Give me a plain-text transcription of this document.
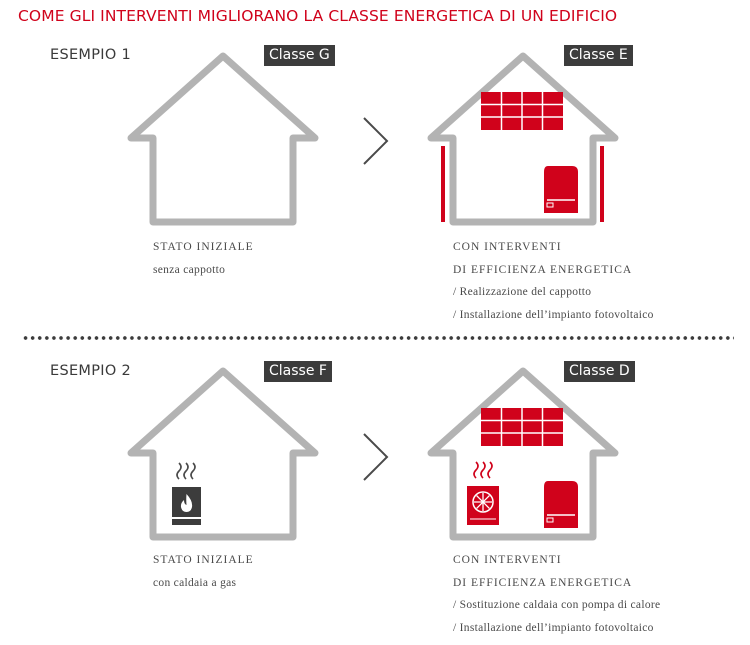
COME GLI INTERVENTI MIGLIORANO LA CLASSE ENERGETICA DI UN EDIFICIO
ESEMPIO 1	Classe G	Classe E
STATO INIZIALE
senza cappotto
CON INTERVENTI
DI EFFICIENZA ENERGETICA
/ Realizzazione del cappotto
/ Installazione dell’impianto fotovoltaico
ESEMPIO 2	Classe F	Classe D
STATO INIZIALE
con caldaia a gas
CON INTERVENTI
DI EFFICIENZA ENERGETICA
/ Sostituzione caldaia con pompa di calore
/ Installazione dell’impianto fotovoltaico
